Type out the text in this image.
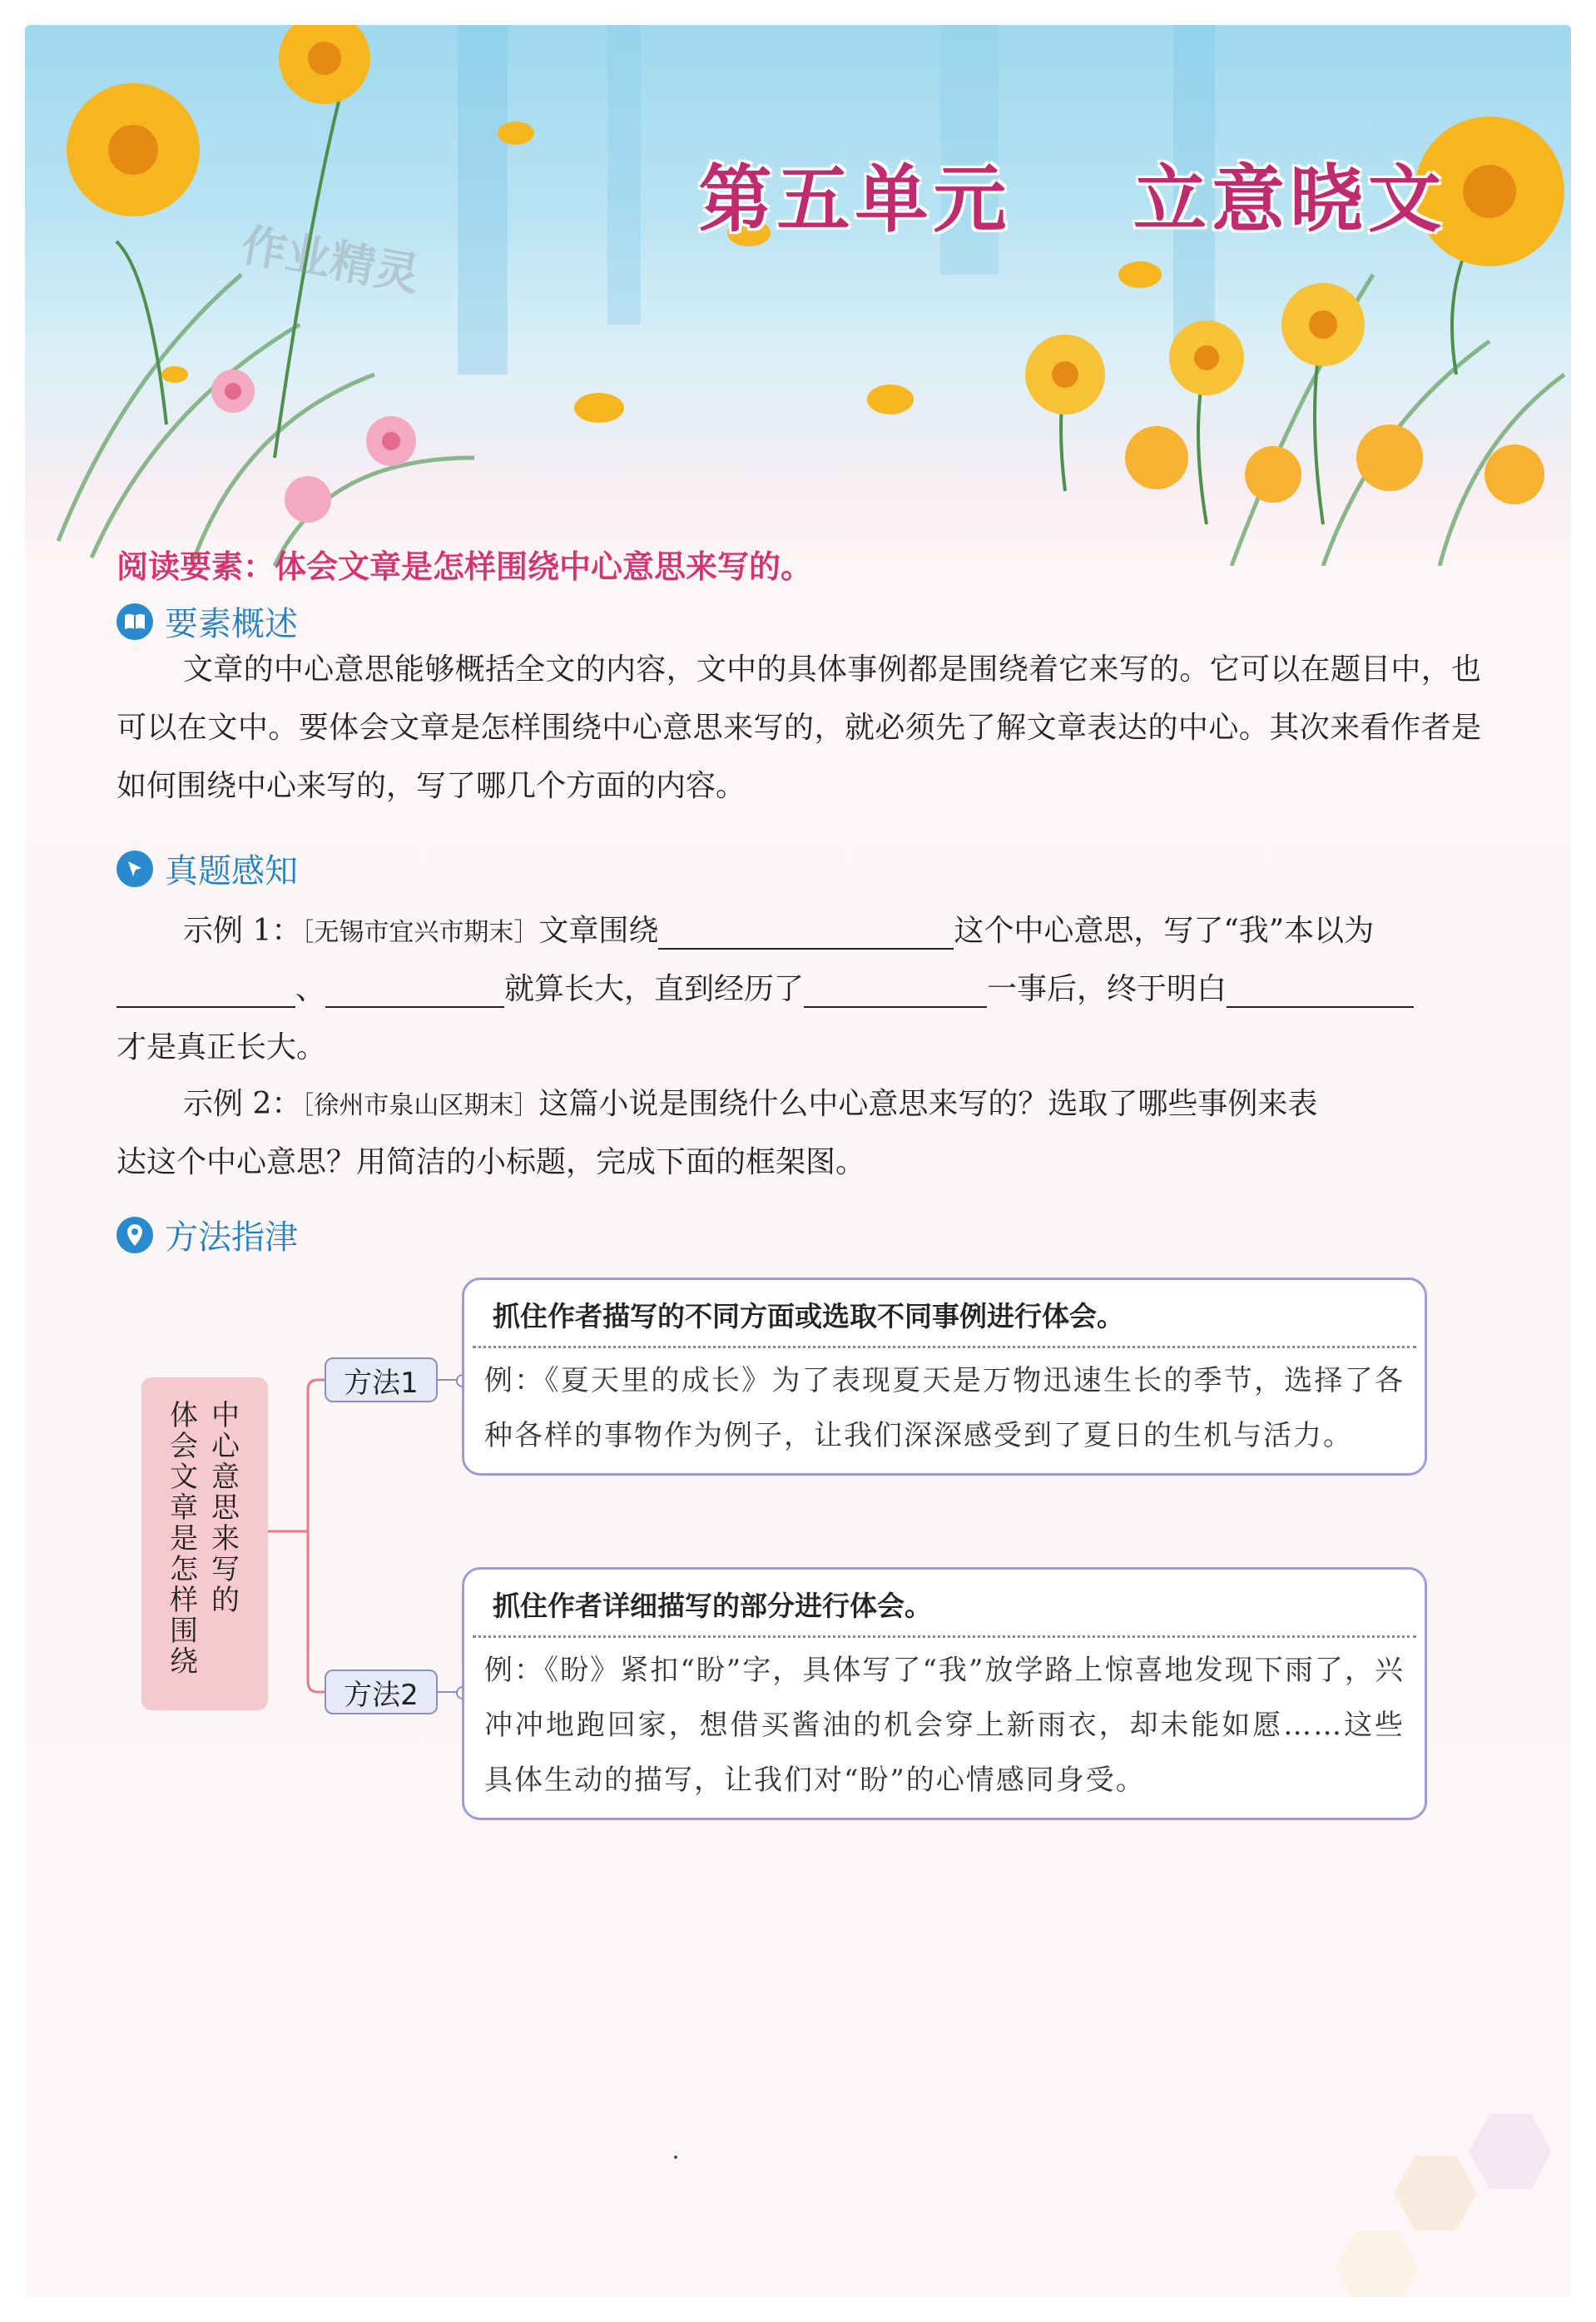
第五单元    立意晓文
作业精灵
阅读要素：体会文章是怎样围绕中心意思来写的。
要素概述
文章的中心意思能够概括全文的内容，文中的具体事例都是围绕着它来写的。它可以在题目中，也可以在文中。要体会文章是怎样围绕中心意思来写的，就必须先了解文章表达的中心。其次来看作者是如何围绕中心来写的，写了哪几个方面的内容。
真题感知
示例 1：［无锡市宜兴市期末］文章围绕	这个中心意思，写了“我”本以为
、	就算长大，直到经历了	一事后，终于明白
才是真正长大。
示例 2：［徐州市泉山区期末］这篇小说是围绕什么中心意思来写的？选取了哪些事例来表
达这个中心意思？用简洁的小标题，完成下面的框架图。
方法指津
中
心
意
思
来
写
的
体
会
文
章
是
怎
样
围
绕
方法1
方法2
抓住作者描写的不同方面或选取不同事例进行体会。
例：《夏天里的成长》为了表现夏天是万物迅速生长的季节，选择了各种各样的事物作为例子，让我们深深感受到了夏日的生机与活力。
抓住作者详细描写的部分进行体会。
例：《盼》紧扣“盼”字，具体写了“我”放学路上惊喜地发现下雨了，兴冲冲地跑回家，想借买酱油的机会穿上新雨衣，却未能如愿……这些具体生动的描写，让我们对“盼”的心情感同身受。
